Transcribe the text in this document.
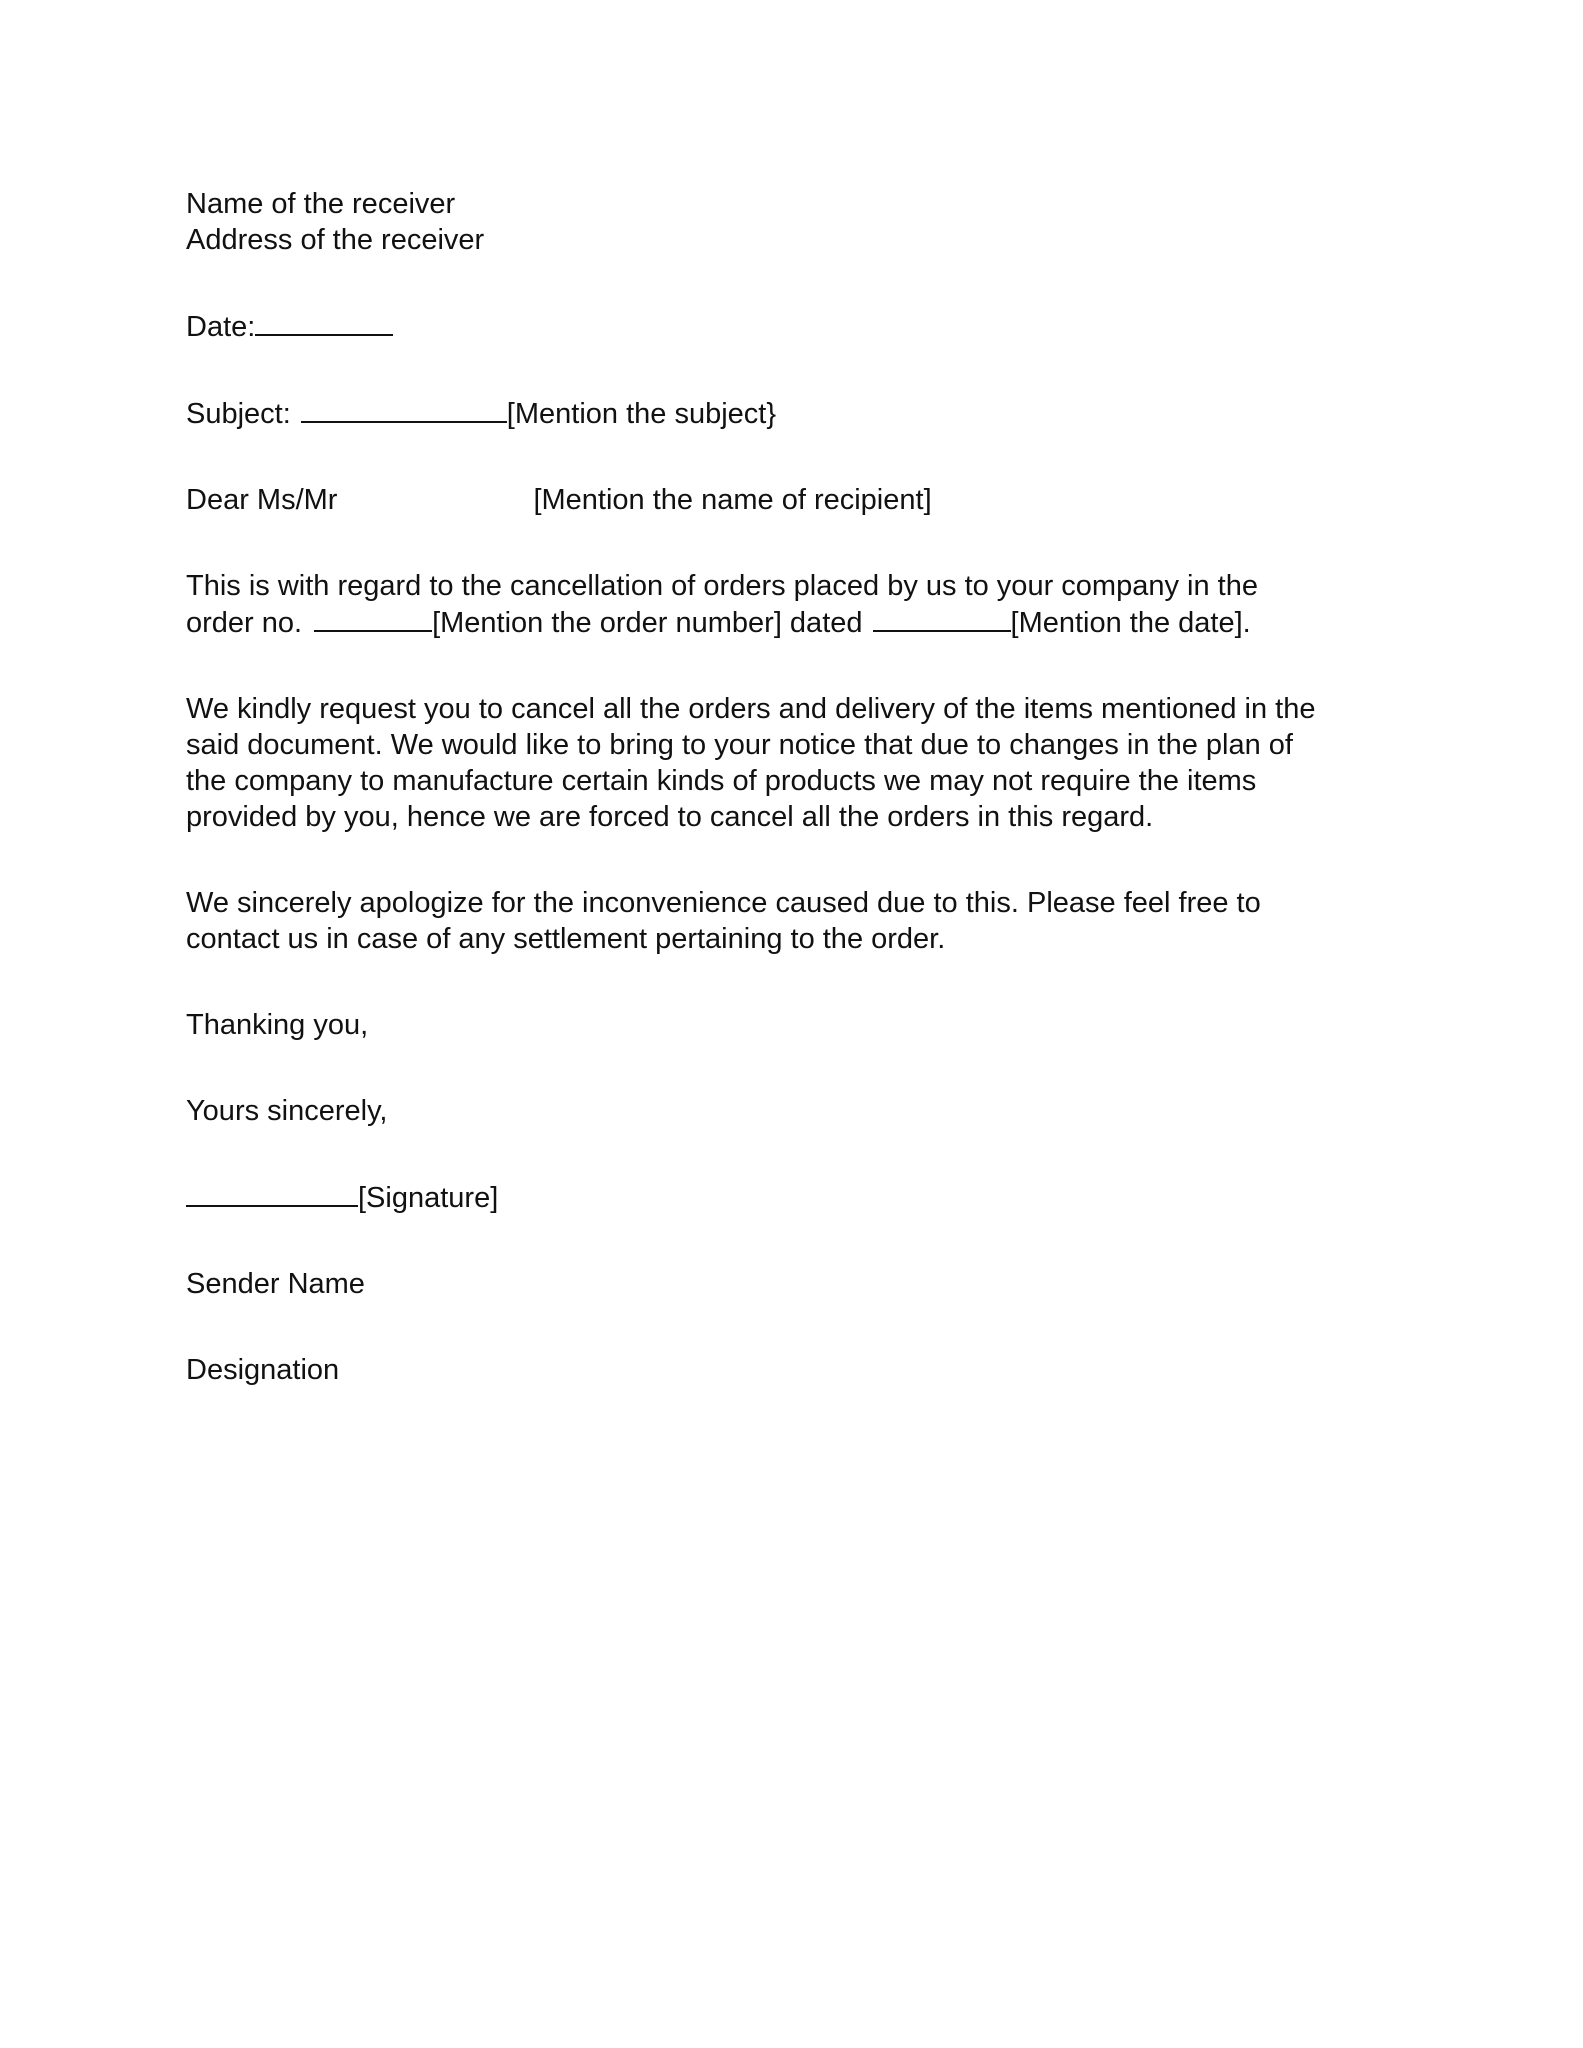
Name of the receiver
Address of the receiver
Date:
Subject:	[Mention the subject}
Dear Ms/Mr	[Mention the name of recipient]
This is with regard to the cancellation of orders placed by us to your company in the
order no.	[Mention the order number] dated	[Mention the date].
We kindly request you to cancel all the orders and delivery of the items mentioned in the
said document. We would like to bring to your notice that due to changes in the plan of
the company to manufacture certain kinds of products we may not require the items
provided by you, hence we are forced to cancel all the orders in this regard.
We sincerely apologize for the inconvenience caused due to this. Please feel free to
contact us in case of any settlement pertaining to the order.
Thanking you,
Yours sincerely,
[Signature]
Sender Name
Designation
